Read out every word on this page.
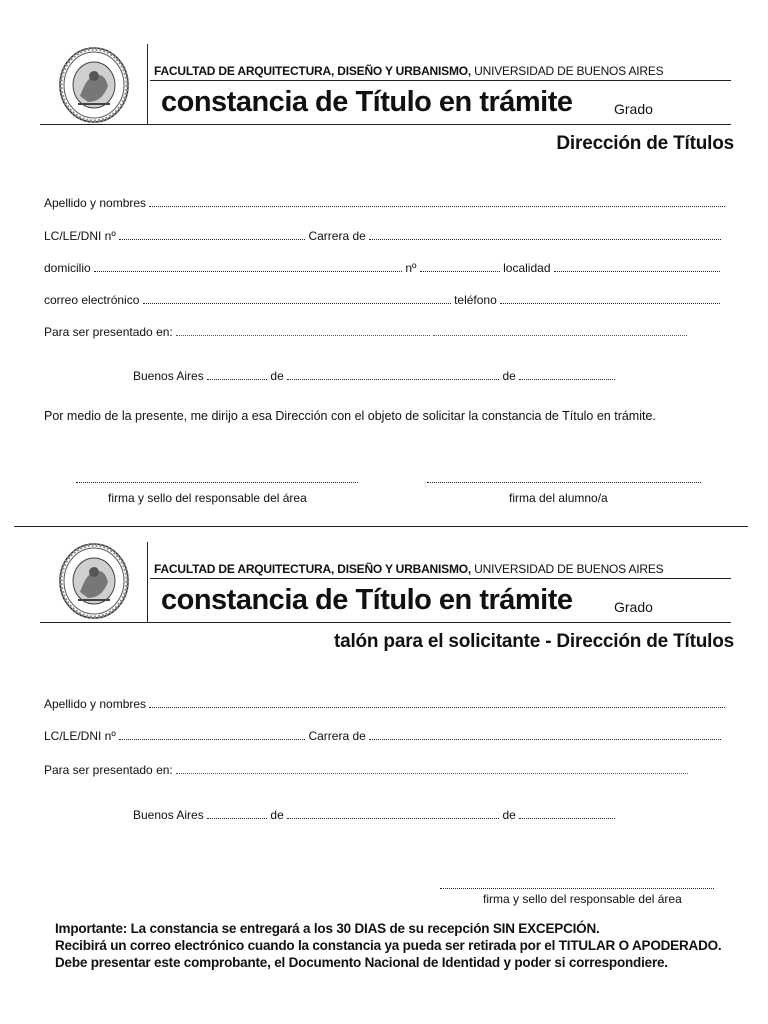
FACULTAD DE ARQUITECTURA, DISEÑO Y URBANISMO, UNIVERSIDAD DE BUENOS AIRES
constancia de Título en trámite	Grado
Dirección de Títulos
Apellido y nombres
LC/LE/DNI nº	Carrera de
domicilio	nº	localidad
correo electrónico	teléfono
Para ser presentado en:
Buenos Aires	de	de
Por medio de la presente, me dirijo a esa Dirección con el objeto de solicitar la constancia de Título en trámite.
firma y sello del responsable del área	firma del alumno/a
FACULTAD DE ARQUITECTURA, DISEÑO Y URBANISMO, UNIVERSIDAD DE BUENOS AIRES
constancia de Título en trámite	Grado
talón para el solicitante - Dirección de Títulos
Apellido y nombres
LC/LE/DNI nº	Carrera de
Para ser presentado en:
Buenos Aires	de	de
firma y sello del responsable del área
Importante: La constancia se entregará a los 30 DIAS de su recepción SIN EXCEPCIÓN.
Recibirá un correo electrónico cuando la constancia ya pueda ser retirada por el TITULAR O APODERADO.
Debe presentar este comprobante, el Documento Nacional de Identidad y poder si correspondiere.
